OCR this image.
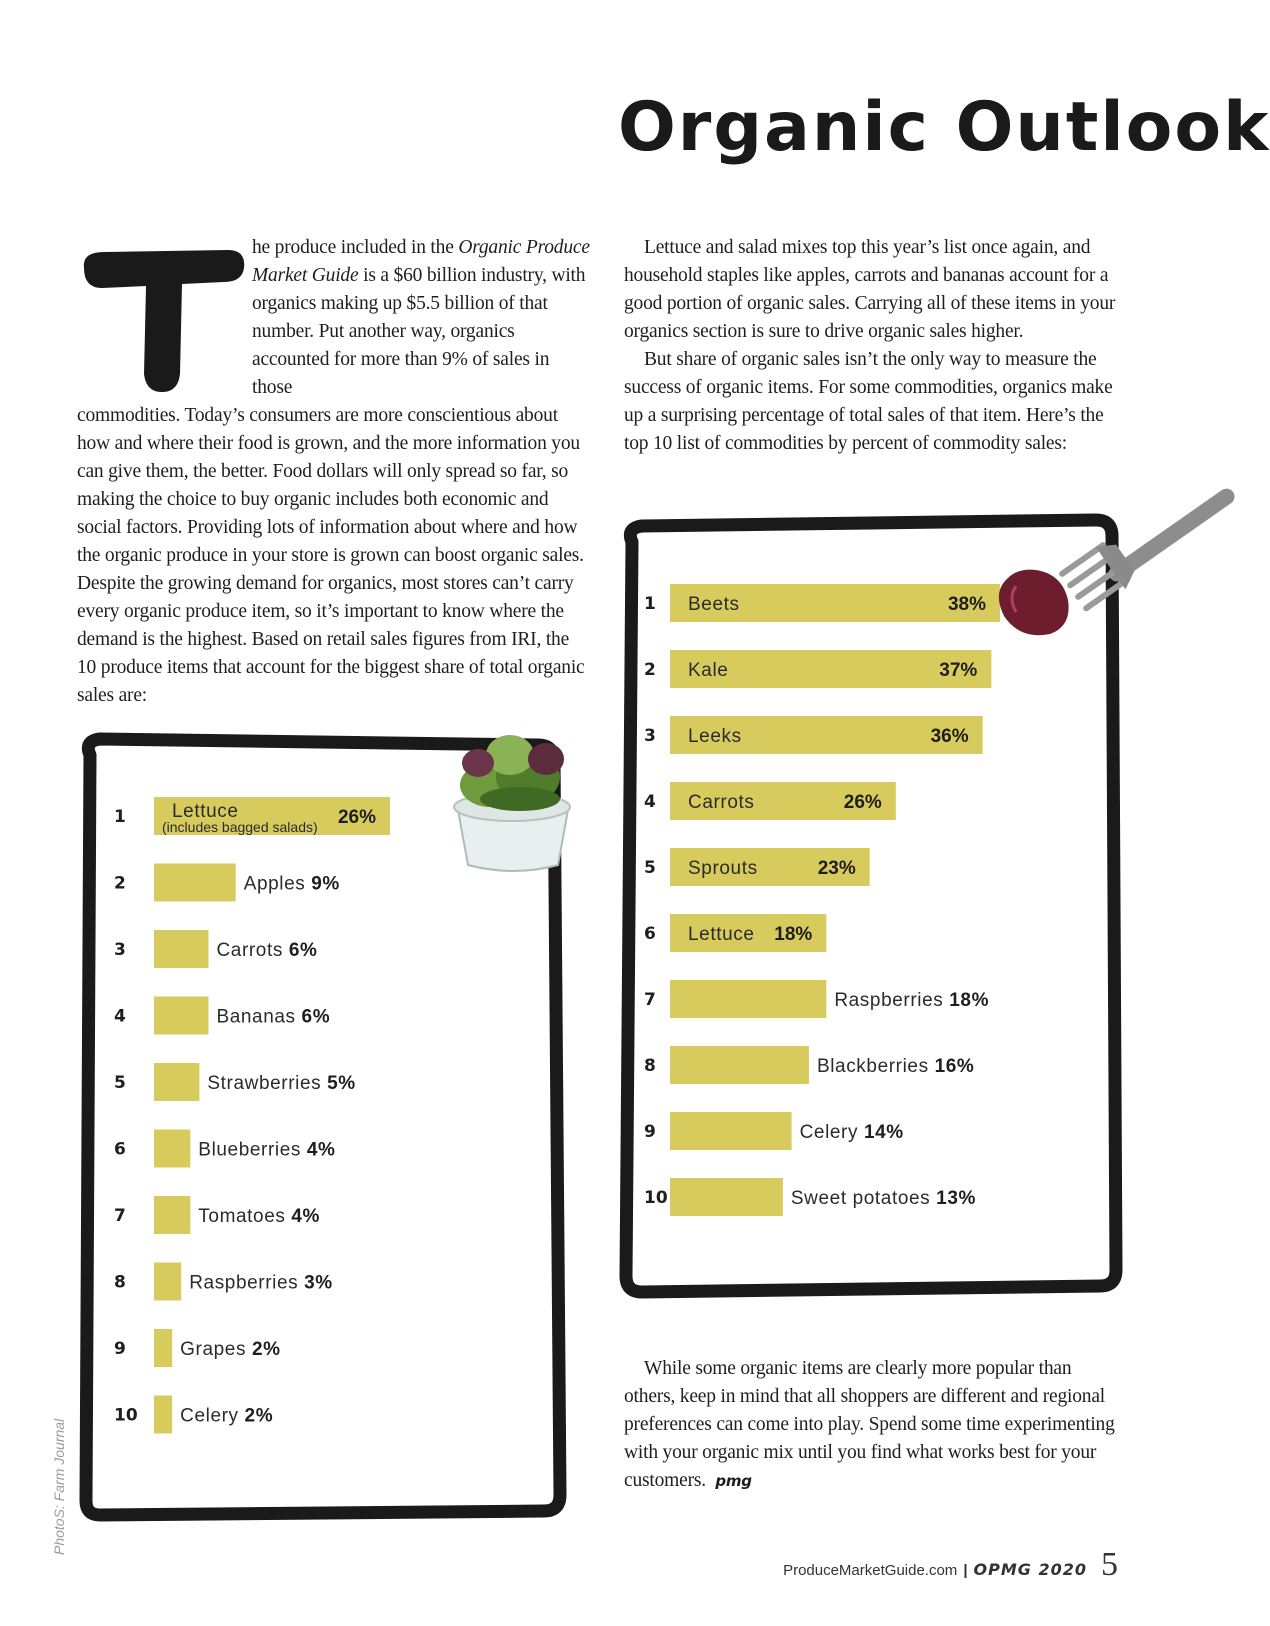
Organic Outlook
he produce included in the Organic Produce Market Guide is a $60 billion industry, with organics making up $5.5 billion of that number. Put another way, organics accounted for more than 9% of sales in those
commodities. Today’s consumers are more conscientious about how and where their food is grown, and the more information you can give them, the better. Food dollars will only spread so far, so making the choice to buy organic includes both economic and social factors. Providing lots of information about where and how the organic produce in your store is grown can boost organic sales. Despite the growing demand for organics, most stores can’t carry every organic produce item, so it’s important to know where the demand is the highest. Based on retail sales figures from IRI, the 10 produce items that account for the biggest share of total organic sales are:

Lettuce and salad mixes top this year’s list once again, and household staples like apples, carrots and bananas account for a good portion of organic sales. Carrying all of these items in your organics section is sure to drive organic sales higher.

But share of organic sales isn’t the only way to measure the success of organic items. For some commodities, organics make up a surprising percentage of total sales of that item. Here’s the top 10 list of commodities by percent of commodity sales:

1 Lettuce	26%
(includes bagged salads)
2	Apples 9%
3	Carrots 6%
4	Bananas 6%
5	Strawberries 5%
6	Blueberries 4%
7	Tomatoes 4%
8	Raspberries 3%
9	Grapes 2%
10 Celery 2%
1 Beets	38%
2 Kale	37%
3 Leeks	36%
4 Carrots	26%
5 Sprouts	23%
6 Lettuce 18%
7	Raspberries 18%
8	Blackberries 16%
9	Celery 14%
10	Sweet potatoes 13%
While some organic items are clearly more popular than others, keep in mind that all shoppers are different and regional preferences can come into play. Spend some time experimenting with your organic mix until you find what works best for your customers. pmg
PhotoS: Farm Journal
ProduceMarketGuide.com | OPMG 2020 5
